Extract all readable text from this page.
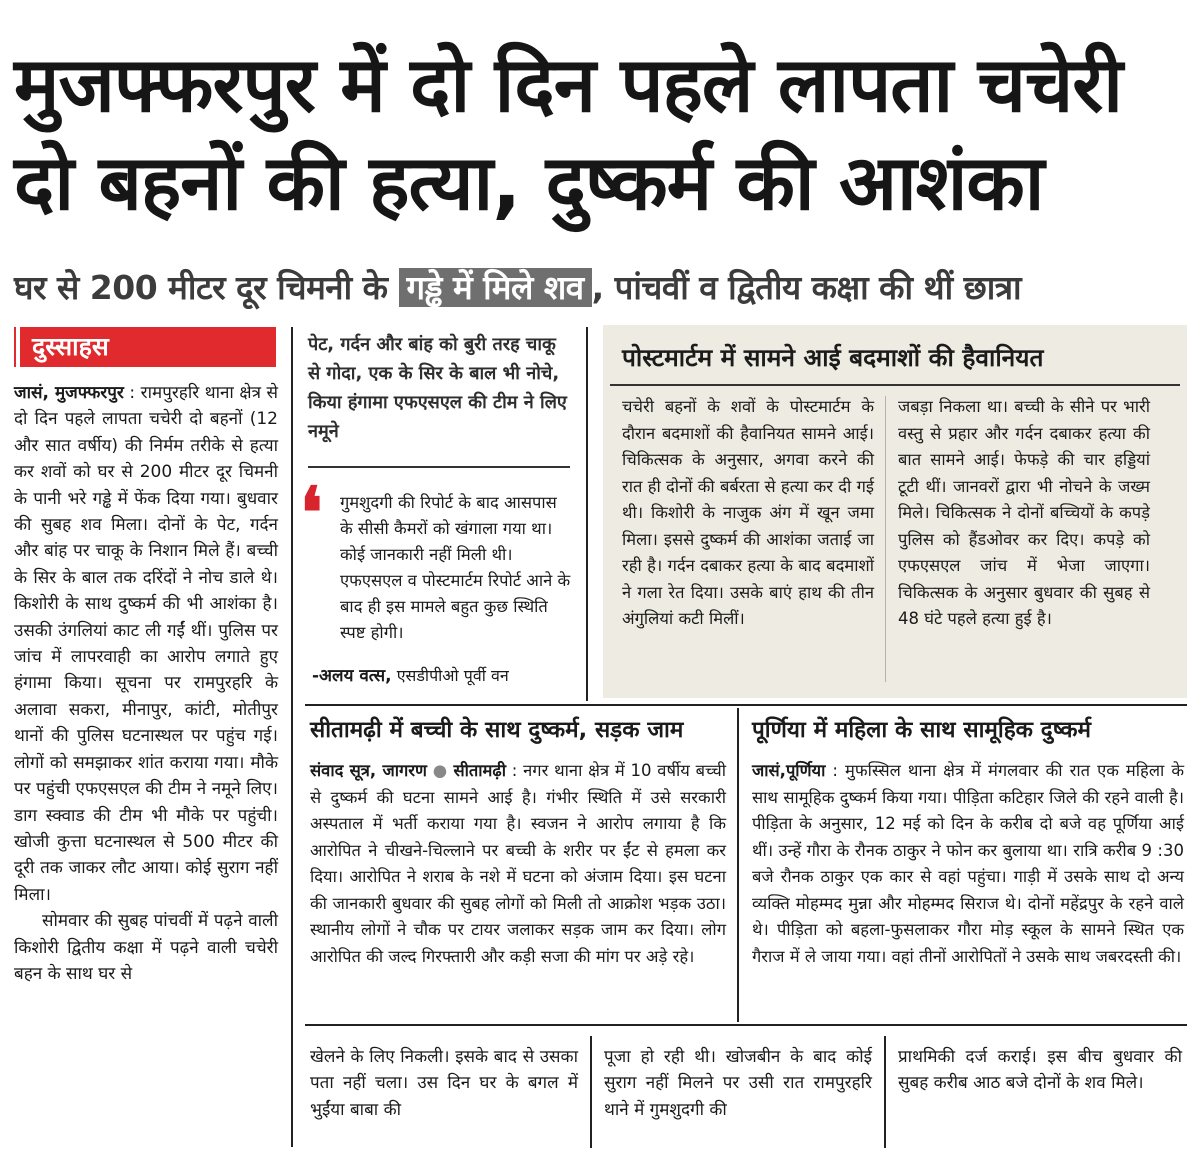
मुजफ्फरपुर में दो दिन पहले लापता चचेरी दो बहनों की हत्या, दुष्कर्म की आशंका
घर से 200 मीटर दूर चिमनी के गड्ढे में मिले शव , पांचवीं व द्वितीय कक्षा की थीं छात्रा
दुस्साहस

जासं, मुजफ्फरपुर : रामपुरहरि थाना क्षेत्र से दो दिन पहले लापता चचेरी दो बहनों (12 और सात वर्षीय) की निर्मम तरीके से हत्या कर शवों को घर से 200 मीटर दूर चिमनी के पानी भरे गड्ढे में फेंक दिया गया। बुधवार की सुबह शव मिला। दोनों के पेट, गर्दन और बांह पर चाकू के निशान मिले हैं। बच्ची के सिर के बाल तक दरिंदों ने नोच डाले थे। किशोरी के साथ दुष्कर्म की भी आशंका है। उसकी उंगलियां काट ली गईं थीं। पुलिस पर जांच में लापरवाही का आरोप लगाते हुए हंगामा किया। सूचना पर रामपुरहरि के अलावा सकरा, मीनापुर, कांटी, मोतीपुर थानों की पुलिस घटनास्थल पर पहुंच गई। लोगों को समझाकर शांत कराया गया। मौके पर पहुंची एफएसएल की टीम ने नमूने लिए। डाग स्क्वाड की टीम भी मौके पर पहुंची। खोजी कुत्ता घटनास्थल से 500 मीटर की दूरी तक जाकर लौट आया। कोई सुराग नहीं मिला।

सोमवार की सुबह पांचवीं में पढ़ने वाली किशोरी द्वितीय कक्षा में पढ़ने वाली चचेरी बहन के साथ घर से

पेट, गर्दन और बांह को बुरी तरह चाकू से गोदा, एक के सिर के बाल भी नोचे, किया हंगामा एफएसएल की टीम ने लिए नमूने
❛ गुमशुदगी की रिपोर्ट के बाद आसपास के सीसी कैमरों को खंगाला गया था। कोई जानकारी नहीं मिली थी। एफएसएल व पोस्टमार्टम रिपोर्ट आने के बाद ही इस मामले बहुत कुछ स्थिति स्पष्ट होगी।
-अलय वत्स, एसडीपीओ पूर्वी वन
पोस्टमार्टम में सामने आई बदमाशों की हैवानियत
चचेरी बहनों के शवों के पोस्टमार्टम के दौरान बदमाशों की हैवानियत सामने आई। चिकित्सक के अनुसार, अगवा करने की रात ही दोनों की बर्बरता से हत्या कर दी गई थी। किशोरी के नाजुक अंग में खून जमा मिला। इससे दुष्कर्म की आशंका जताई जा रही है। गर्दन दबाकर हत्या के बाद बदमाशों ने गला रेत दिया। उसके बाएं हाथ की तीन अंगुलियां कटी मिलीं।
जबड़ा निकला था। बच्ची के सीने पर भारी वस्तु से प्रहार और गर्दन दबाकर हत्या की बात सामने आई। फेफड़े की चार हड्डियां टूटी थीं। जानवरों द्वारा भी नोचने के जख्म मिले। चिकित्सक ने दोनों बच्चियों के कपड़े पुलिस को हैंडओवर कर दिए। कपड़े को एफएसएल जांच में भेजा जाएगा। चिकित्सक के अनुसार बुधवार की सुबह से 48 घंटे पहले हत्या हुई है।
सीतामढ़ी में बच्ची के साथ दुष्कर्म, सड़क जाम
संवाद सूत्र, जागरण ● सीतामढ़ी : नगर थाना क्षेत्र में 10 वर्षीय बच्ची से दुष्कर्म की घटना सामने आई है। गंभीर स्थिति में उसे सरकारी अस्पताल में भर्ती कराया गया है। स्वजन ने आरोप लगाया है कि आरोपित ने चीखने-चिल्लाने पर बच्ची के शरीर पर ईंट से हमला कर दिया। आरोपित ने शराब के नशे में घटना को अंजाम दिया। इस घटना की जानकारी बुधवार की सुबह लोगों को मिली तो आक्रोश भड़क उठा। स्थानीय लोगों ने चौक पर टायर जलाकर सड़क जाम कर दिया। लोग आरोपित की जल्द गिरफ्तारी और कड़ी सजा की मांग पर अड़े रहे।
पूर्णिया में महिला के साथ सामूहिक दुष्कर्म
जासं,पूर्णिया : मुफस्सिल थाना क्षेत्र में मंगलवार की रात एक महिला के साथ सामूहिक दुष्कर्म किया गया। पीड़िता कटिहार जिले की रहने वाली है। पीड़िता के अनुसार, 12 मई को दिन के करीब दो बजे वह पूर्णिया आई थीं। उन्हें गौरा के रौनक ठाकुर ने फोन कर बुलाया था। रात्रि करीब 9 :30 बजे रौनक ठाकुर एक कार से वहां पहुंचा। गाड़ी में उसके साथ दो अन्य व्यक्ति मोहम्मद मुन्ना और मोहम्मद सिराज थे। दोनों महेंद्रपुर के रहने वाले थे। पीड़िता को बहला-फुसलाकर गौरा मोड़ स्कूल के सामने स्थित एक गैराज में ले जाया गया। वहां तीनों आरोपितों ने उसके साथ जबरदस्ती की।
खेलने के लिए निकली। इसके बाद से उसका पता नहीं चला। उस दिन घर के बगल में भुईंया बाबा की
पूजा हो रही थी। खोजबीन के बाद कोई सुराग नहीं मिलने पर उसी रात रामपुरहरि थाने में गुमशुदगी की
प्राथमिकी दर्ज कराई। इस बीच बुधवार की सुबह करीब आठ बजे दोनों के शव मिले।
